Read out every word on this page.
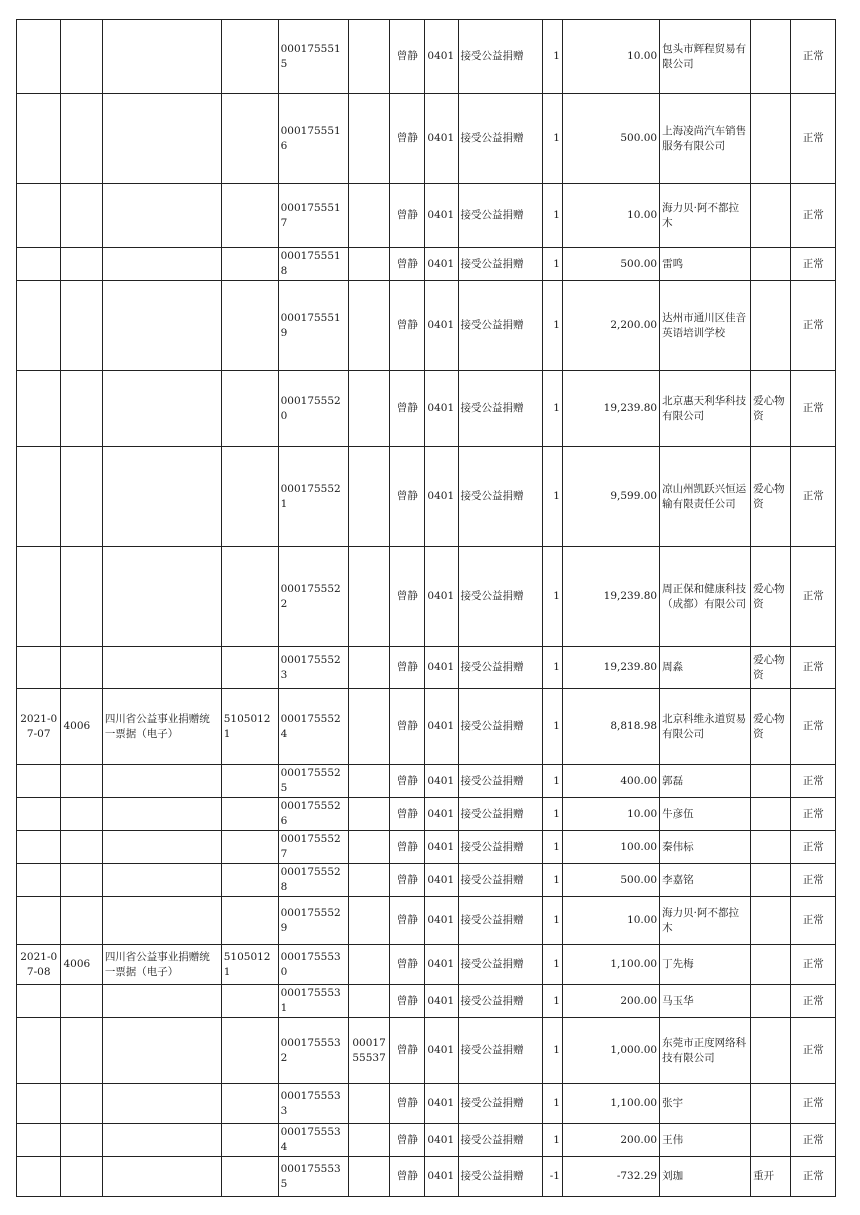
				0001755515		曾静	0401	接受公益捐赠	1	10.00	包头市辉程贸易有限公司		正常
				0001755516		曾静	0401	接受公益捐赠	1	500.00	上海凌尚汽车销售服务有限公司		正常
				0001755517		曾静	0401	接受公益捐赠	1	10.00	海力贝·阿不都拉木		正常
				0001755518		曾静	0401	接受公益捐赠	1	500.00	雷鸣		正常
				0001755519		曾静	0401	接受公益捐赠	1	2,200.00	达州市通川区佳音英语培训学校		正常
				0001755520		曾静	0401	接受公益捐赠	1	19,239.80	北京惠天利华科技有限公司	爱心物资	正常
				0001755521		曾静	0401	接受公益捐赠	1	9,599.00	凉山州凯跃兴恒运输有限责任公司	爱心物资	正常
				0001755522		曾静	0401	接受公益捐赠	1	19,239.80	周正保和健康科技（成都）有限公司	爱心物资	正常
				0001755523		曾静	0401	接受公益捐赠	1	19,239.80	周淼	爱心物资	正常
2021-07-07	4006	四川省公益事业捐赠统一票据（电子）	51050121	0001755524		曾静	0401	接受公益捐赠	1	8,818.98	北京科维永道贸易有限公司	爱心物资	正常
				0001755525		曾静	0401	接受公益捐赠	1	400.00	郭磊		正常
				0001755526		曾静	0401	接受公益捐赠	1	10.00	牛彦伍		正常
				0001755527		曾静	0401	接受公益捐赠	1	100.00	秦伟标		正常
				0001755528		曾静	0401	接受公益捐赠	1	500.00	李嘉铭		正常
				0001755529		曾静	0401	接受公益捐赠	1	10.00	海力贝·阿不都拉木		正常
2021-07-08	4006	四川省公益事业捐赠统一票据（电子）	51050121	0001755530		曾静	0401	接受公益捐赠	1	1,100.00	丁先梅		正常
				0001755531		曾静	0401	接受公益捐赠	1	200.00	马玉华		正常
				0001755532	0001755537	曾静	0401	接受公益捐赠	1	1,000.00	东莞市正度网络科技有限公司		正常
				0001755533		曾静	0401	接受公益捐赠	1	1,100.00	张宇		正常
				0001755534		曾静	0401	接受公益捐赠	1	200.00	王伟		正常
				0001755535		曾静	0401	接受公益捐赠	-1	-732.29	刘珈	重开	正常
